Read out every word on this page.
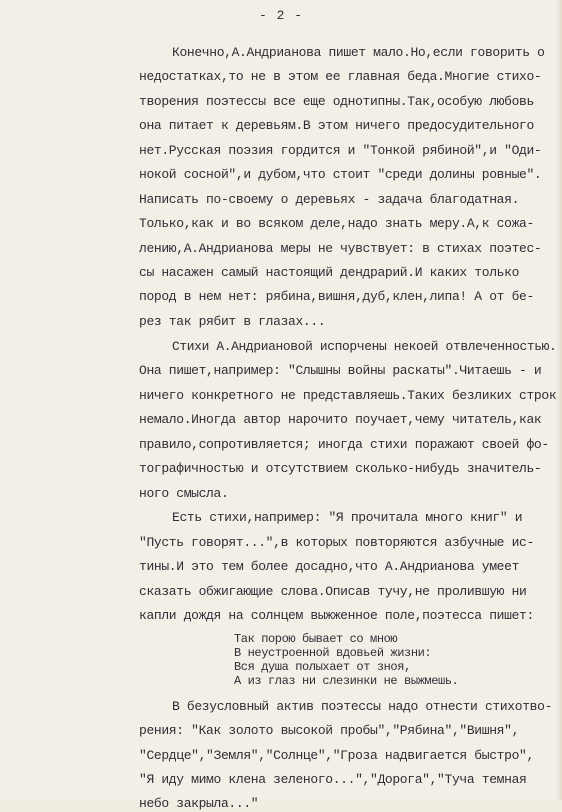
- 2 -
Конечно,А.Андрианова пишет мало.Но,если говорить о
недостатках,то не в этом ее главная беда.Многие стихо-
творения поэтессы все еще однотипны.Так,особую любовь
она питает к деревьям.В этом ничего предосудительного
нет.Русская поэзия гордится и "Тонкой рябиной",и "Оди-
нокой сосной",и дубом,что стоит "среди долины ровные".
Написать по-своему о деревьях - задача благодатная.
Только,как и во всяком деле,надо знать меру.А,к сожа-
лению,А.Андрианова меры не чувствует: в стихах поэтес-
сы насажен самый настоящий дендрарий.И каких только
пород в нем нет: рябина,вишня,дуб,клен,липа! А от бе-
рез так рябит в глазах...
Стихи А.Андриановой испорчены некоей отвлеченностью.
Она пишет,например: "Слышны войны раскаты".Читаешь - и
ничего конкретного не представляешь.Таких безликих строк
немало.Иногда автор нарочито поучает,чему читатель,как
правило,сопротивляется; иногда стихи поражают своей фо-
тографичностью и отсутствием сколько-нибудь значитель-
ного смысла.
Есть стихи,например: "Я прочитала много книг" и
"Пусть говорят...",в которых повторяются азбучные ис-
тины.И это тем более досадно,что А.Андрианова умеет
сказать обжигающие слова.Описав тучу,не пролившую ни
капли дождя на солнцем выжженное поле,поэтесса пишет:
Так порою бывает со мною
В неустроенной вдовьей жизни:
Вся душа полыхает от зноя,
А из глаз ни слезинки не выжмешь.
В безусловный актив поэтессы надо отнести стихотво-
рения: "Как золото высокой пробы","Рябина","Вишня",
"Сердце","Земля","Солнце","Гроза надвигается быстро",
"Я иду мимо клена зеленого...","Дорога","Туча темная
небо закрыла..."
